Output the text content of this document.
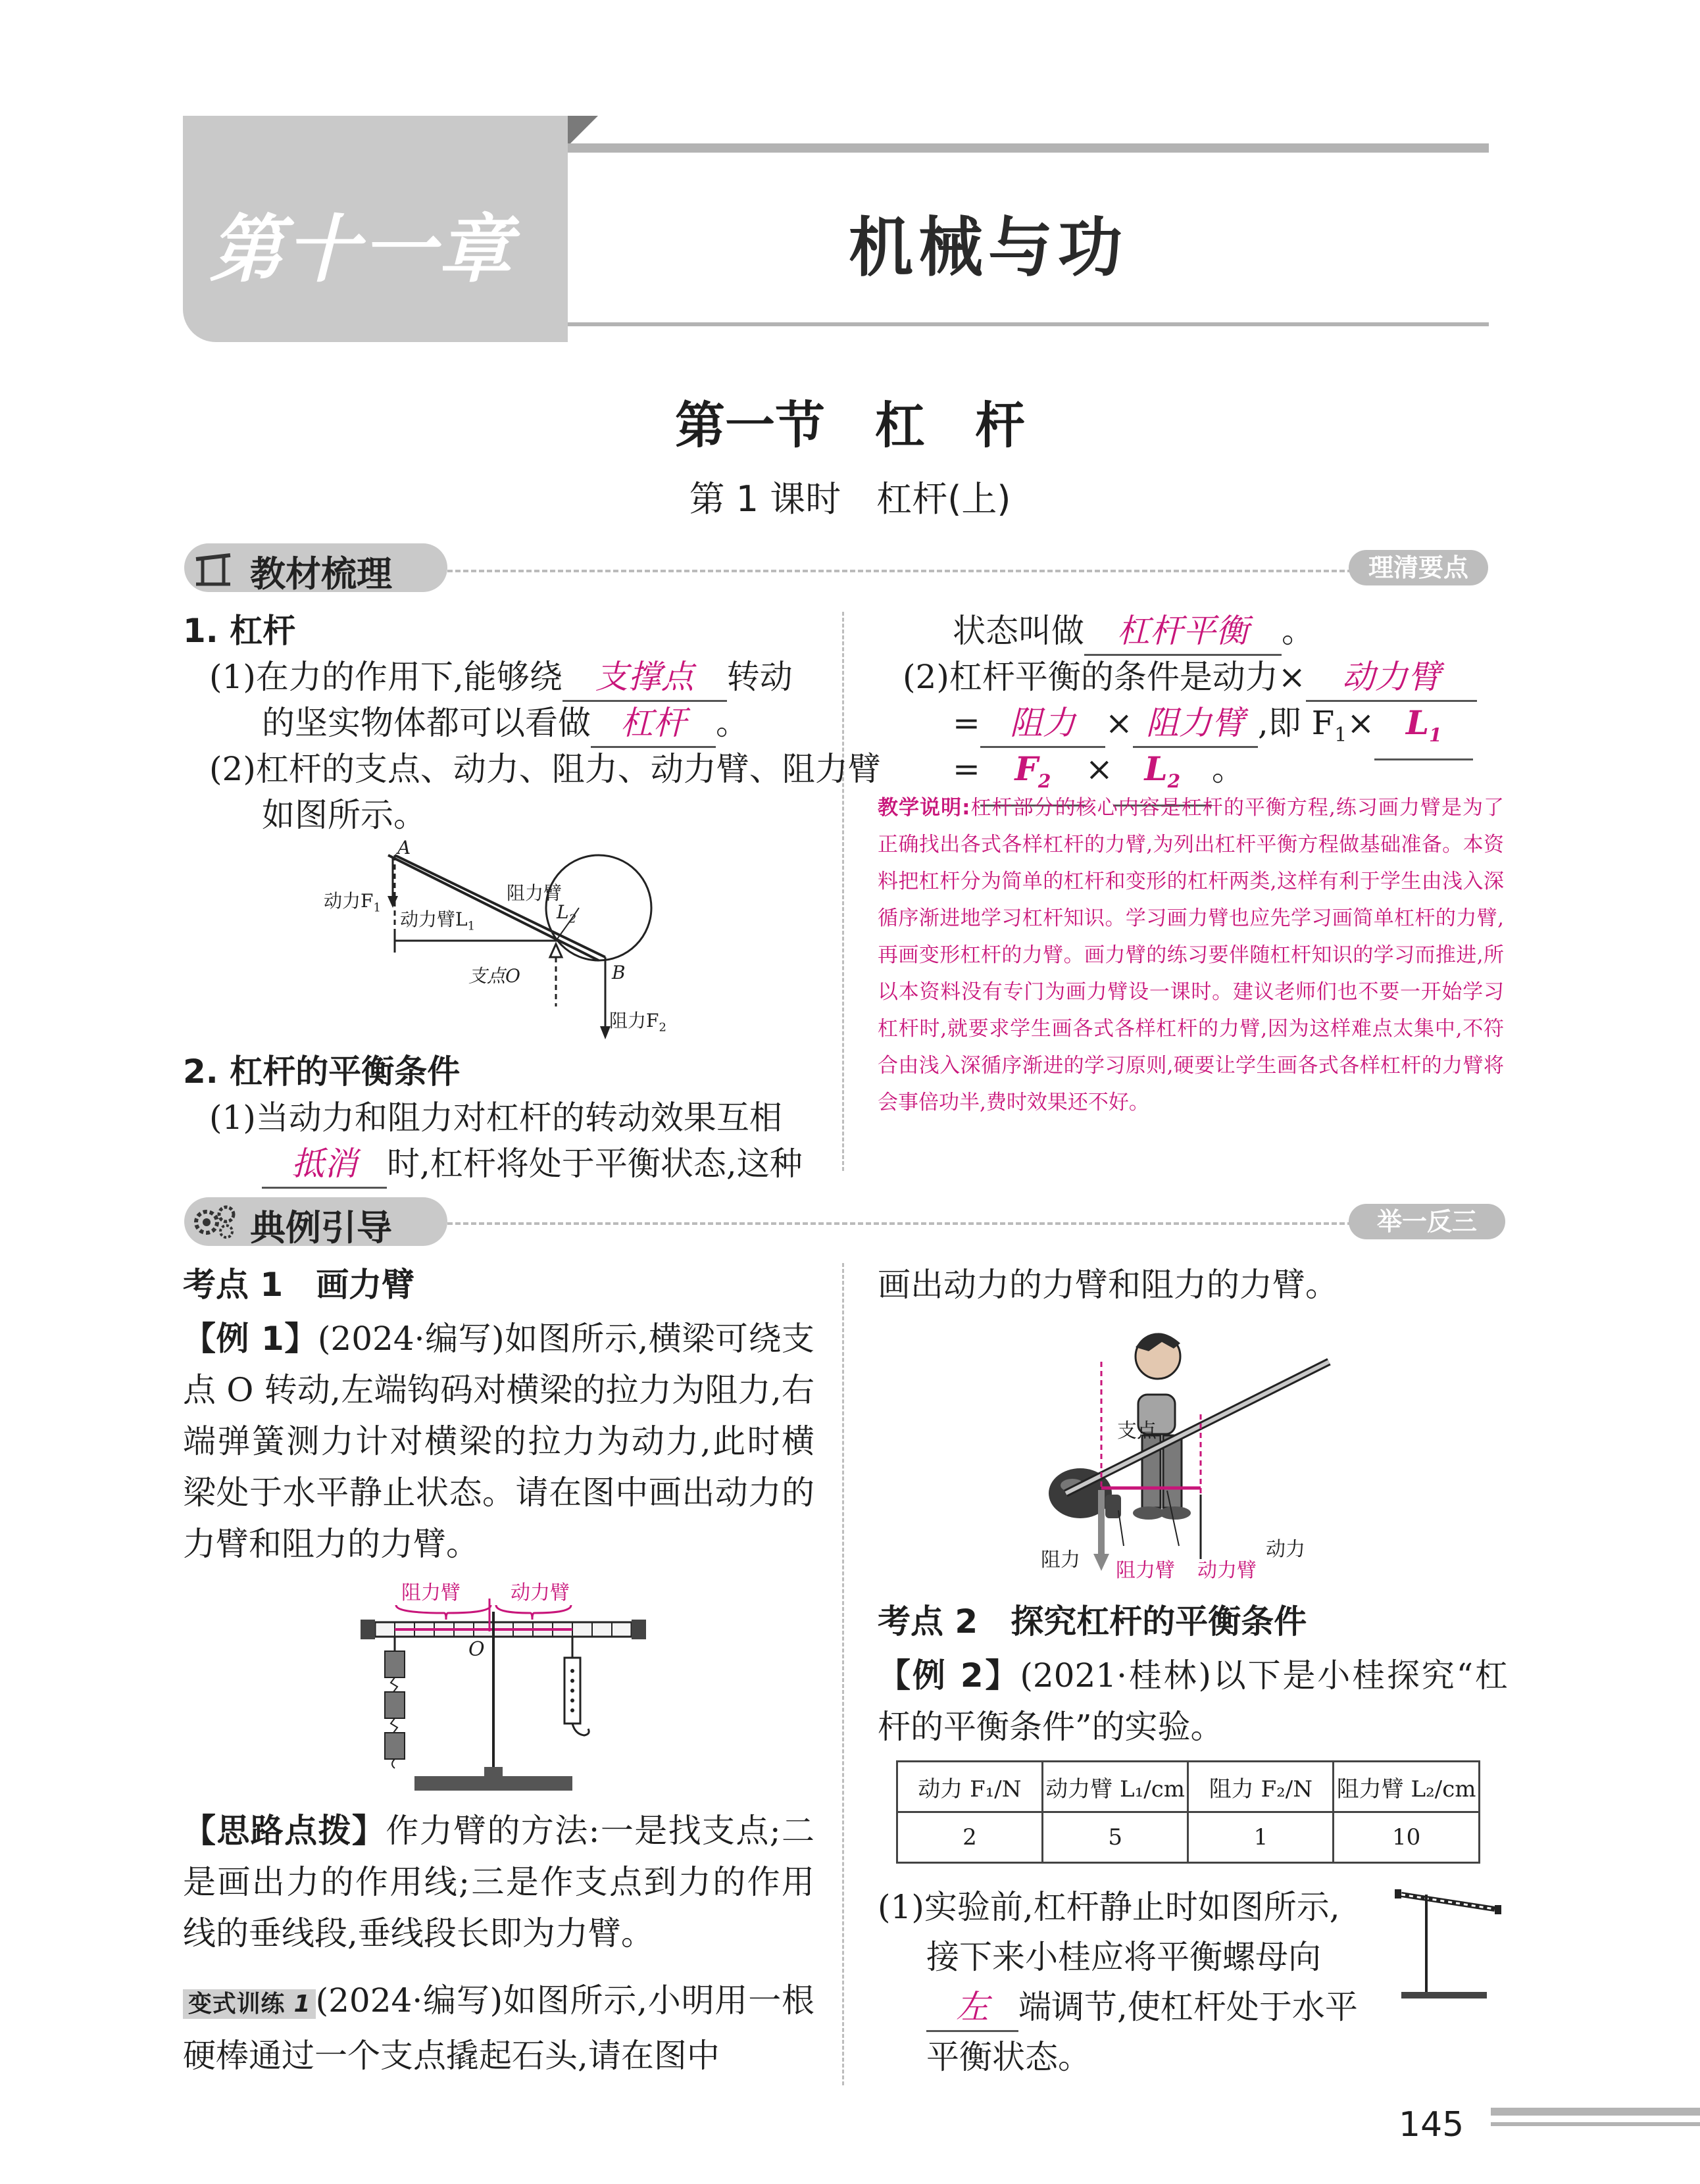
第十一章	机械与功
第一节　杠　杆
第 1 课时　杠杆(上)
教材梳理	理清要点
1. 杠杆
(1)在力的作用下,能够绕 支撑点 转动
的坚实物体都可以看做 杠杆 。
(2)杠杆的支点、动力、阻力、动力臂、阻力臂
如图所示。
A
阻力臂
动力$F_1$
动力臂$L_1$
$L_2$
支点O	B
阻力$F_2$
2. 杠杆的平衡条件
(1)当动力和阻力对杠杆的转动效果互相
抵消 时,杠杆将处于平衡状态,这种
状态叫做 杠杆平衡 。
(2)杠杆平衡的条件是动力× 动力臂
= 阻力 × 阻力臂 ,即 $F_1\times L_1$
= $F_2 \times L_2$ 。
教学说明:杠杆部分的核心内容是杠杆的平衡方程,练习画力臂是为了正确找出各式各样杠杆的力臂,为列出杠杆平衡方程做基础准备。本资料把杠杆分为简单的杠杆和变形的杠杆两类,这样有利于学生由浅入深循序渐进地学习杠杆知识。学习画力臂也应先学习画简单杠杆的力臂,再画变形杠杆的力臂。画力臂的练习要伴随杠杆知识的学习而推进,所以本资料没有专门为画力臂设一课时。建议老师们也不要一开始学习杠杆时,就要求学生画各式各样杠杆的力臂,因为这样难点太集中,不符合由浅入深循序渐进的学习原则,硬要让学生画各式各样杠杆的力臂将会事倍功半,费时效果还不好。
典例引导	举一反三
考点 1　画力臂
【例 1】(2024·编写)如图所示,横梁可绕支点 O 转动,左端钩码对横梁的拉力为阻力,右端弹簧测力计对横梁的拉力为动力,此时横梁处于水平静止状态。请在图中画出动力的力臂和阻力的力臂。
阻力臂	动力臂
O
【思路点拨】作力臂的方法:一是找支点;二是画出力的作用线;三是作支点到力的作用线的垂线段,垂线段长即为力臂。
变式训练 1 (2024·编写)如图所示,小明用一根硬棒通过一个支点撬起石头,请在图中
画出动力的力臂和阻力的力臂。
支点
阻力 阻力臂 动力臂
动力
考点 2　探究杠杆的平衡条件
【例 2】(2021·桂林)以下是小桂探究“杠杆的平衡条件”的实验。
动力 F₁/N	动力臂 L₁/cm	阻力 F₂/N	阻力臂 L₂/cm
2	5	1	10
(1)实验前,杠杆静止时如图所示,
接下来小桂应将平衡螺母向
左 端调节,使杠杆处于水平
平衡状态。
145
